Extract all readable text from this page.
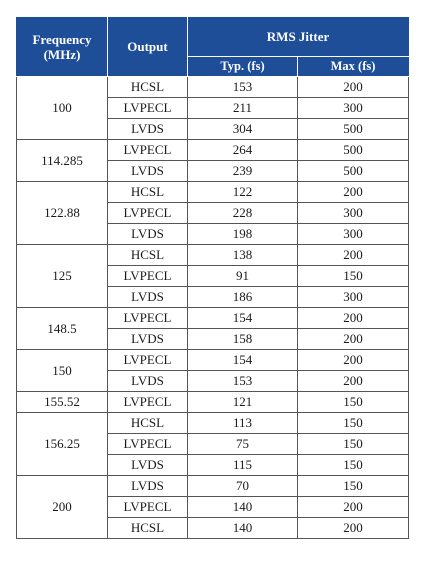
Frequency
(MHz)	Output	RMS Jitter	
		Typ. (fs)	Max (fs)
100	HCSL	153	200
	LVPECL	211	300
	LVDS	304	500
114.285	LVPECL	264	500
	LVDS	239	500
122.88	HCSL	122	200
	LVPECL	228	300
	LVDS	198	300
125	HCSL	138	200
	LVPECL	91	150
	LVDS	186	300
148.5	LVPECL	154	200
	LVDS	158	200
150	LVPECL	154	200
	LVDS	153	200
155.52	LVPECL	121	150
156.25	HCSL	113	150
	LVPECL	75	150
	LVDS	115	150
200	LVDS	70	150
	LVPECL	140	200
	HCSL	140	200
